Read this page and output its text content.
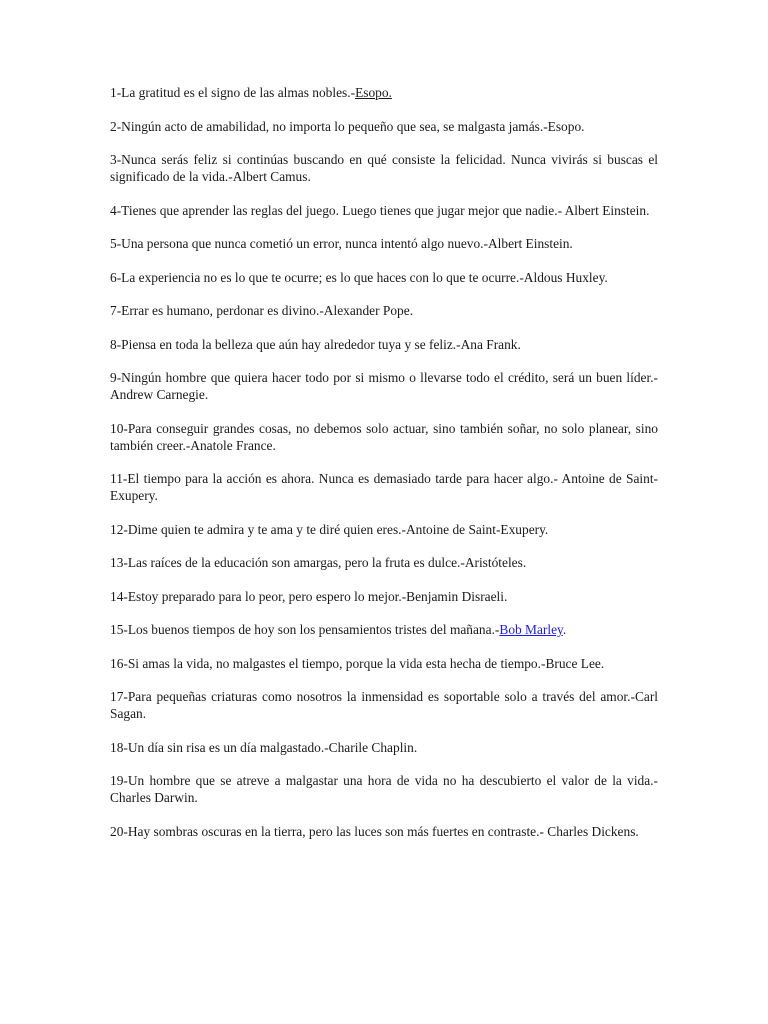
1-La gratitud es el signo de las almas nobles.-Esopo.

2-Ningún acto de amabilidad, no importa lo pequeño que sea, se malgasta jamás.-Esopo.

3-Nunca serás feliz si continúas buscando en qué consiste la felicidad. Nunca vivirás si buscas el significado de la vida.-Albert Camus.

4-Tienes que aprender las reglas del juego. Luego tienes que jugar mejor que nadie.- Albert Einstein.

5-Una persona que nunca cometió un error, nunca intentó algo nuevo.-Albert Einstein.

6-La experiencia no es lo que te ocurre; es lo que haces con lo que te ocurre.-Aldous Huxley.

7-Errar es humano, perdonar es divino.-Alexander Pope.

8-Piensa en toda la belleza que aún hay alrededor tuya y se feliz.-Ana Frank.

9-Ningún hombre que quiera hacer todo por si mismo o llevarse todo el crédito, será un buen líder.-Andrew Carnegie.

10-Para conseguir grandes cosas, no debemos solo actuar, sino también soñar, no solo planear, sino también creer.-Anatole France.

11-El tiempo para la acción es ahora. Nunca es demasiado tarde para hacer algo.- Antoine de Saint-Exupery.

12-Dime quien te admira y te ama y te diré quien eres.-Antoine de Saint-Exupery.

13-Las raíces de la educación son amargas, pero la fruta es dulce.-Aristóteles.

14-Estoy preparado para lo peor, pero espero lo mejor.-Benjamin Disraeli.

15-Los buenos tiempos de hoy son los pensamientos tristes del mañana.-Bob Marley.

16-Si amas la vida, no malgastes el tiempo, porque la vida esta hecha de tiempo.-Bruce Lee.

17-Para pequeñas criaturas como nosotros la inmensidad es soportable solo a través del amor.-Carl Sagan.

18-Un día sin risa es un día malgastado.-Charile Chaplin.

19-Un hombre que se atreve a malgastar una hora de vida no ha descubierto el valor de la vida.-Charles Darwin.

20-Hay sombras oscuras en la tierra, pero las luces son más fuertes en contraste.- Charles Dickens.
